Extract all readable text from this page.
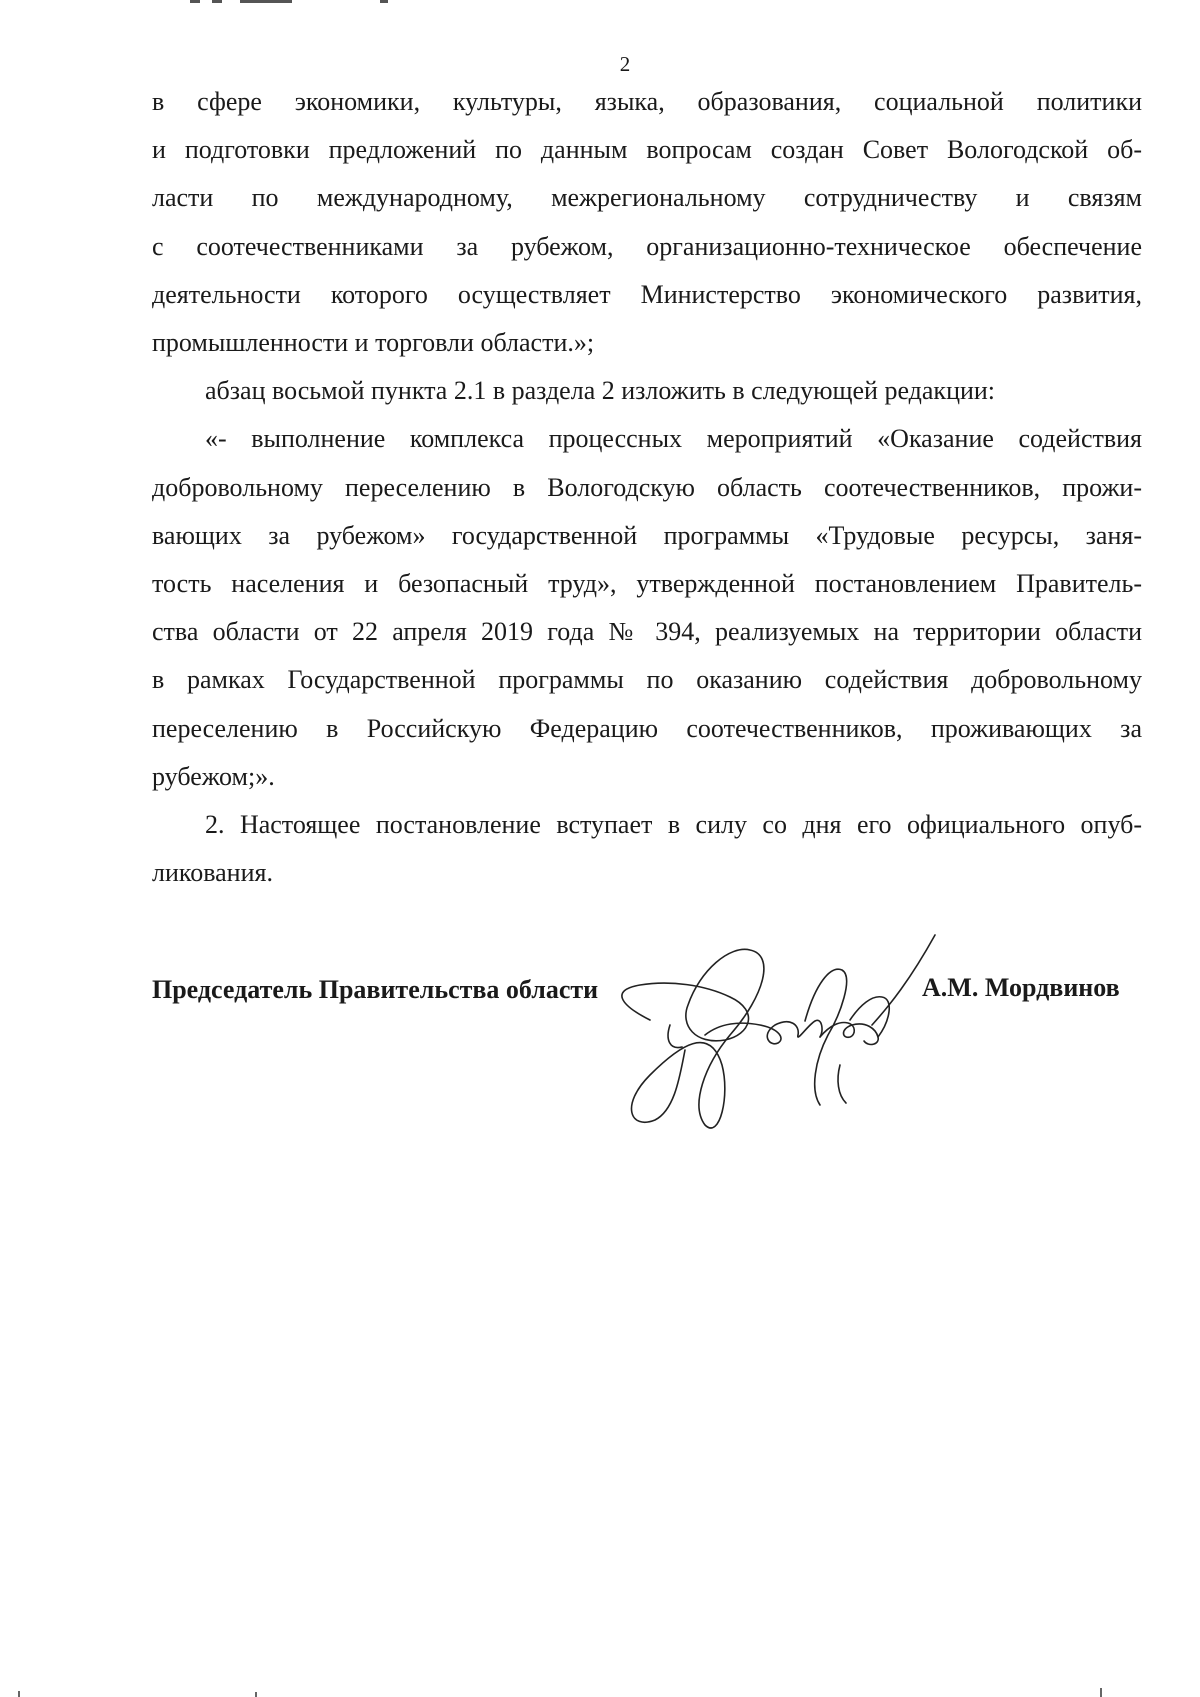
2
в сфере экономики, культуры, языка, образования, социальной политики
и подготовки предложений по данным вопросам создан Совет Вологодской об-
ласти по международному, межрегиональному сотрудничеству и связям
с соотечественниками за рубежом, организационно-техническое обеспечение
деятельности которого осуществляет Министерство экономического развития,
промышленности и торговли области.»;
абзац восьмой пункта 2.1 в раздела 2 изложить в следующей редакции:
«- выполнение комплекса процессных мероприятий «Оказание содействия
добровольному переселению в Вологодскую область соотечественников, прожи-
вающих за рубежом» государственной программы «Трудовые ресурсы, заня-
тость населения и безопасный труд», утвержденной постановлением Правитель-
ства области от 22 апреля 2019 года № 394, реализуемых на территории области
в рамках Государственной программы по оказанию содействия добровольному
переселению в Российскую Федерацию соотечественников, проживающих за
рубежом;».
2. Настоящее постановление вступает в силу со дня его официального опуб-
ликования.
Председатель Правительства области	А.М. Мордвинов
